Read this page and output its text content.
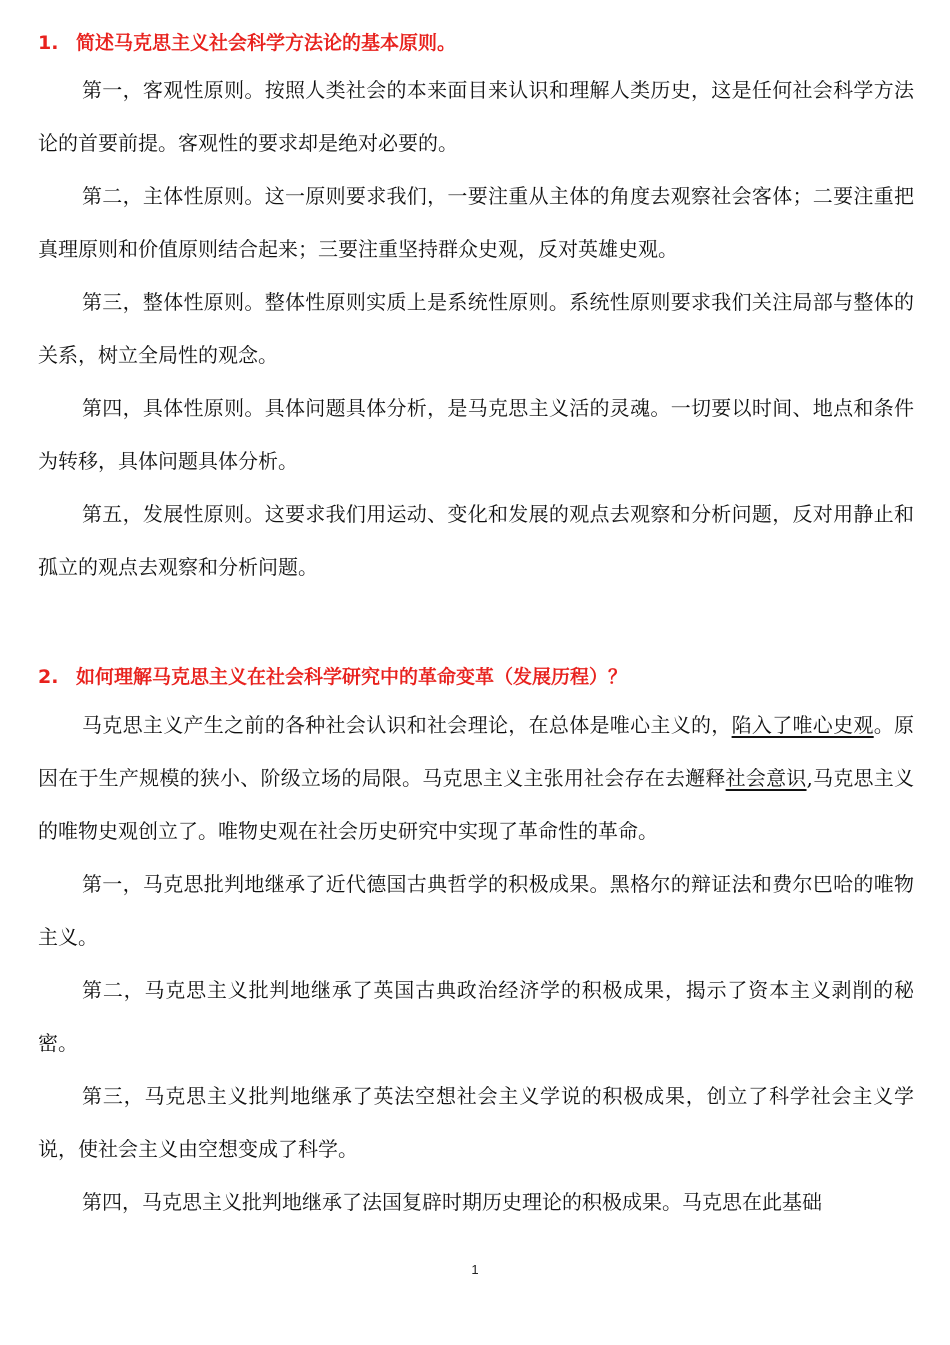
1. 简述马克思主义社会科学方法论的基本原则。

第一，客观性原则。按照人类社会的本来面目来认识和理解人类历史，这是任何社会科学方法论的首要前提。客观性的要求却是绝对必要的。

第二，主体性原则。这一原则要求我们，一要注重从主体的角度去观察社会客体；二要注重把真理原则和价值原则结合起来；三要注重坚持群众史观，反对英雄史观。

第三，整体性原则。整体性原则实质上是系统性原则。系统性原则要求我们关注局部与整体的关系，树立全局性的观念。

第四，具体性原则。具体问题具体分析，是马克思主义活的灵魂。一切要以时间、地点和条件为转移，具体问题具体分析。

第五，发展性原则。这要求我们用运动、变化和发展的观点去观察和分析问题，反对用静止和孤立的观点去观察和分析问题。

2. 如何理解马克思主义在社会科学研究中的革命变革（发展历程）？

马克思主义产生之前的各种社会认识和社会理论，在总体是唯心主义的，陷入了唯心史观。原因在于生产规模的狭小、阶级立场的局限。马克思主义主张用社会存在去邂释社会意识,马克思主义的唯物史观创立了。唯物史观在社会历史研究中实现了革命性的革命。

第一，马克思批判地继承了近代德国古典哲学的积极成果。黑格尔的辩证法和费尔巴哈的唯物主义。

第二，马克思主义批判地继承了英国古典政治经济学的积极成果，揭示了资本主义剥削的秘密。

第三，马克思主义批判地继承了英法空想社会主义学说的积极成果，创立了科学社会主义学说，使社会主义由空想变成了科学。

第四，马克思主义批判地继承了法国复辟时期历史理论的积极成果。马克思在此基础

1
